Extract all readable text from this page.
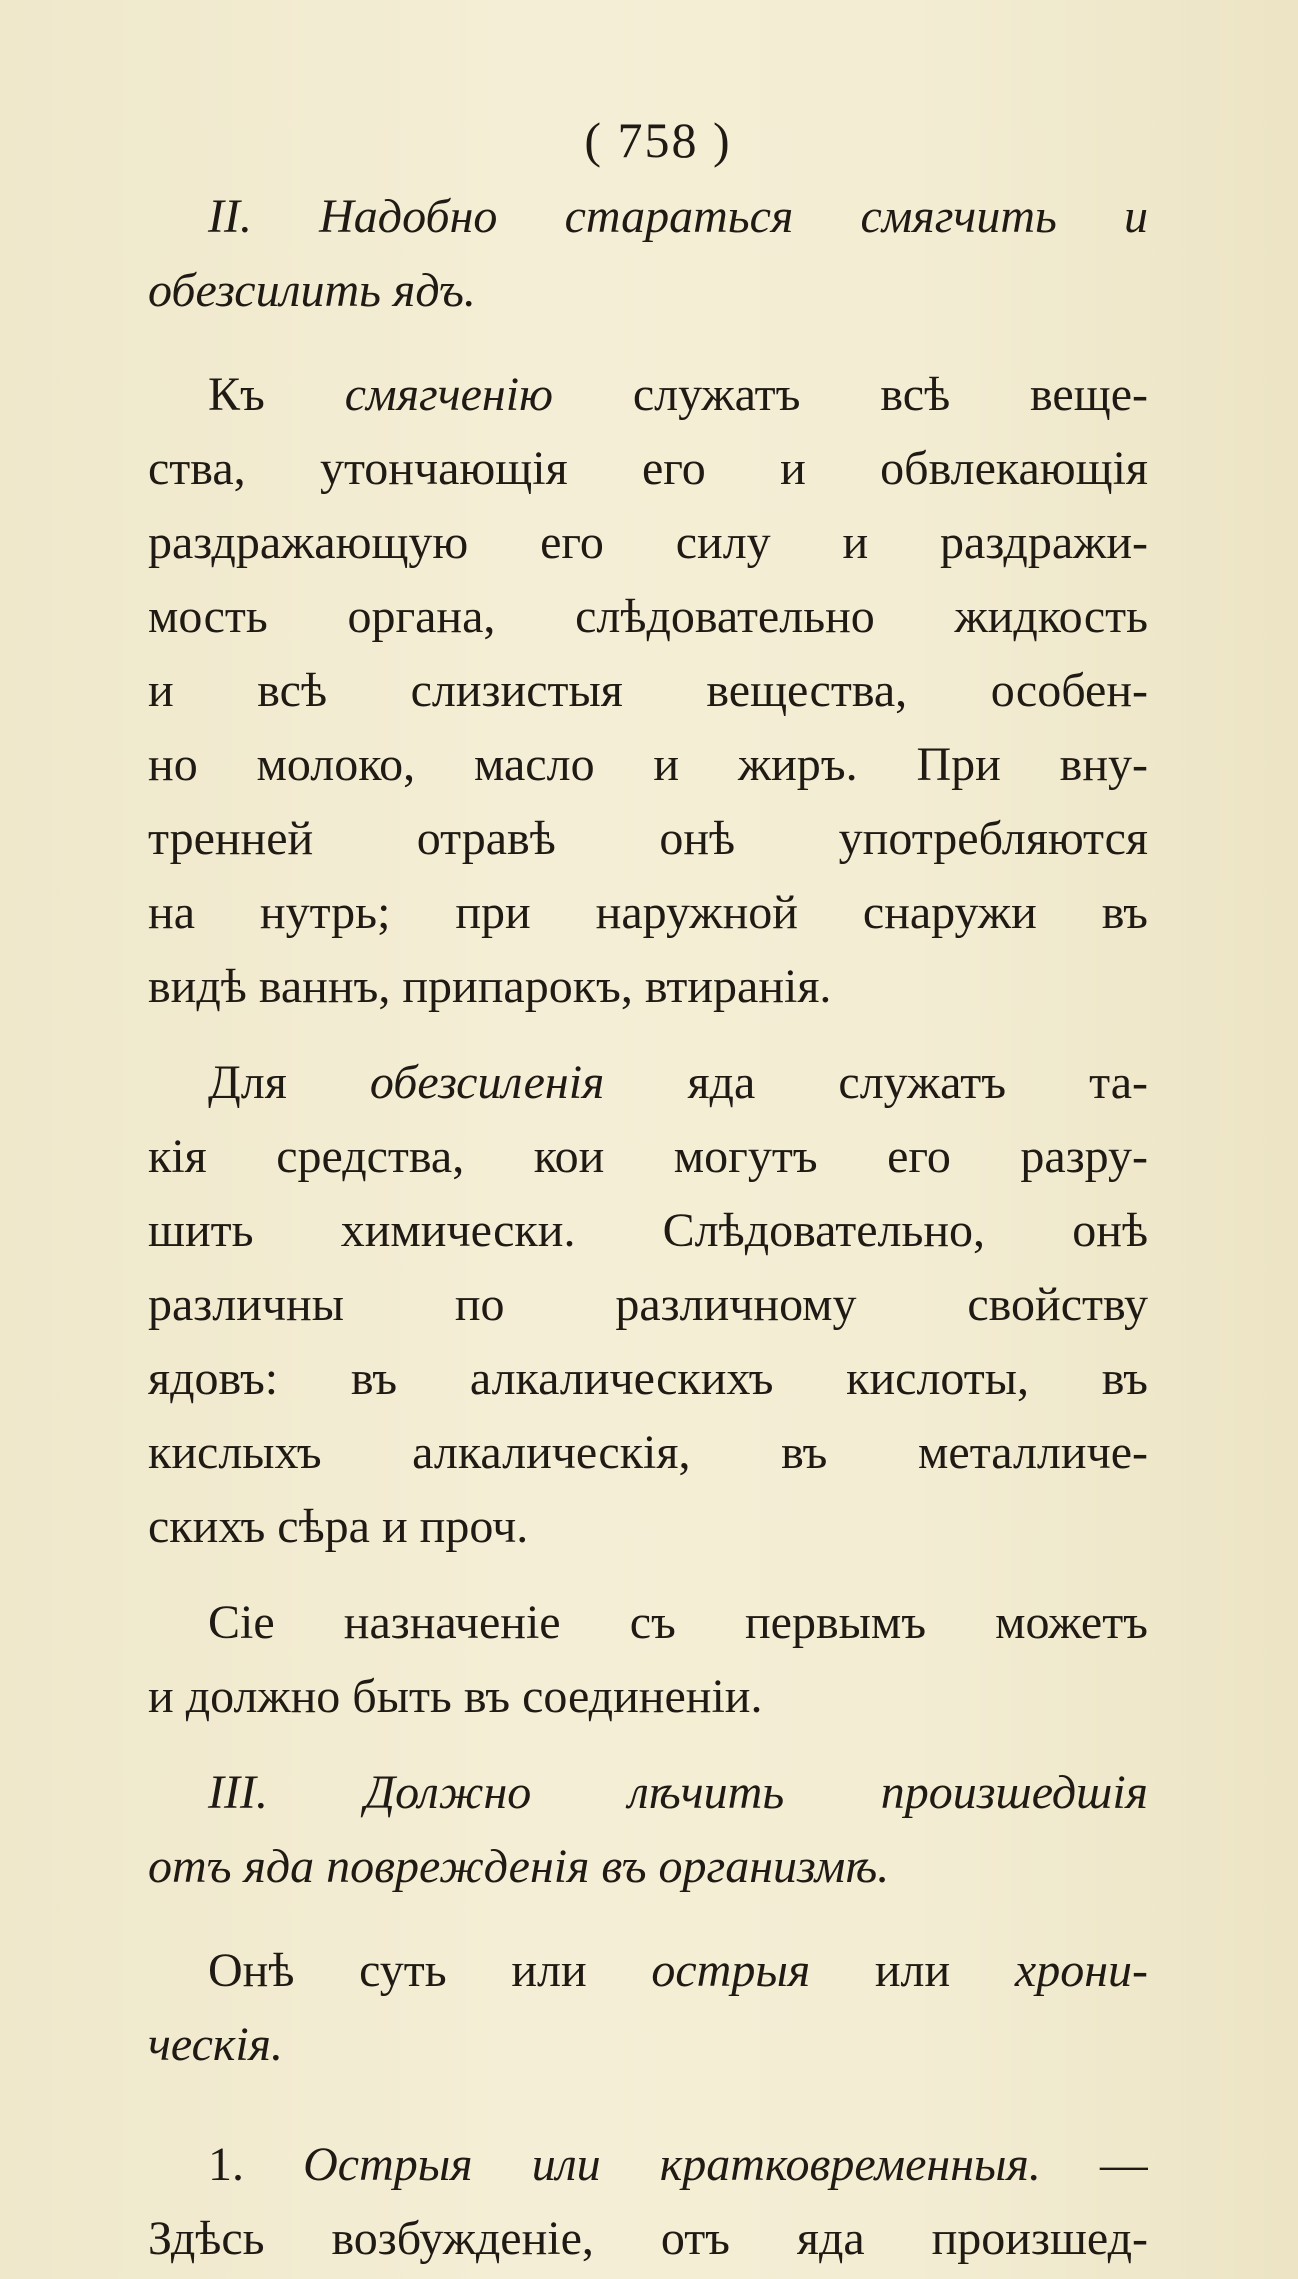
( 758 )
II. Надобно стараться смягчить и
обезсилить ядъ.
Къ смягченію служатъ всѣ веще-
ства, утончающія его и обвлекающія
раздражающую его силу и раздражи-
мость органа, слѣдовательно жидкость
и всѣ слизистыя вещества, особен-
но молоко, масло и жиръ. При вну-
тренней отравѣ онѣ употребляются
на нутрь; при наружной снаружи въ
видѣ ваннъ, припарокъ, втиранія.
Для обезсиленія яда служатъ та-
кія средства, кои могутъ его разру-
шить химически. Слѣдовательно, онѣ
различны по различному свойству
ядовъ: въ алкалическихъ кислоты, въ
кислыхъ алкалическія, въ металличе-
скихъ сѣра и проч.
Сіе назначеніе съ первымъ можетъ
и должно быть въ соединеніи.
III. Должно лѣчить произшедшія
отъ яда поврежденія въ организмѣ.
Онѣ суть или острыя или хрони-
ческія.
1. Острыя или кратковременныя. —
Здѣсь возбужденіе, отъ яда произшед-
